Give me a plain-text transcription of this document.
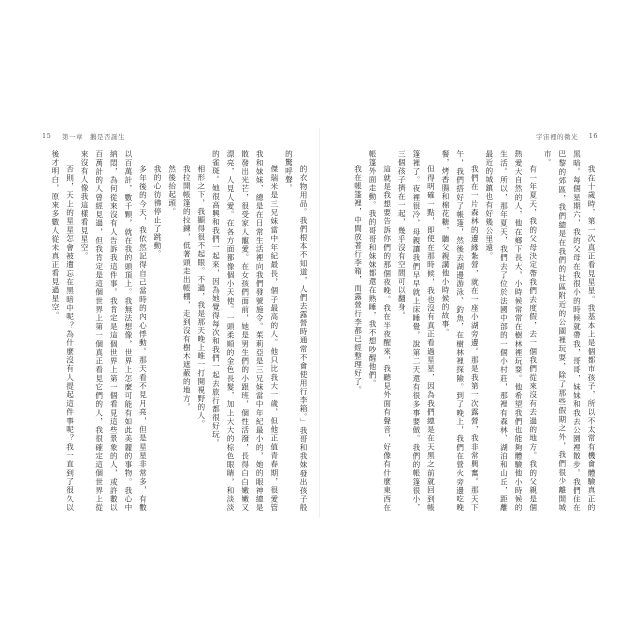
15 第一章　鵝是否誕生

的衣物用品。我們根本不知道，人們去露營時通常不會使用行李箱。」我哥和我妹發出孩子般的驚呼聲。

傑瑞米是三兄妹當中年紀最長，個子最高的人。他只比我大一歲，但他正值青春期，很愛管我和妹妹，總是在日常生活裡向我們發號施令。茱莉亞是三兄妹當中年紀最小的，她的眼神總是散發出光芒，很受家人寵愛。在女孩們面前，她是男生們的小跟班，個性活潑，長得白白嫩嫩又漂亮，人見人愛。在各方面都像個小天使。一頭柔順的金色長髮，加上大大的棕色眼睛，和淡淡的雀斑。她很高興和我們一起來，因為她覺得每次和我們一起去旅行都很好玩。

相形之下，我顯得很不起眼。不過，我是那天晚上唯一打開視野的人。

我拉開帳篷的拉鍊，低著頭走出帳棚，走到沒有樹木遮蔽的地方。

然後抬起頭。

我的心彷彿停止了跳動。

多年後的今天，我依然記得自己當時的內心悸動。那天看不見月亮，但是星星非常多，有數以百萬計，數千顆，就在我的頭頂上。我無法想像，世界上怎麼可能有如此美麗的事物。我心中納悶，為何從來沒有人告訴我這件事。我肯定是這個世界上第一個看見這些景象的人，或許數以百萬計的人曾經見過，但我肯定是這個世界上第一個真正看見它們的人，我很確定這個世界上從來沒有人像我這樣看見星空。

否則，天上的星星怎會被遺忘在黑暗中呢？為什麼沒有人提起這件事呢？我一直到了很久以後才明白，原來多數人從未真正看見過星空。

16
宇宙裡的微光

我在十歲時，第一次真正看見星星。我基本上是個都市孩子，所以不太常有機會體驗真正的黑暗。每個星期六，我的父母在我很小的時候就帶我，哥哥，妹妹和我去公園裡散步。我們住在巴黎的郊區，我們總是在我們的社區附近的公園裡玩耍，除了那些假期之外，我們很少離開城市。

有一年夏天，我的父母決定帶我們去度假，去一個我們從來沒有去過的地方。我的父親是個熱愛大自然的人，他在鄉下長大，小時候常常在樹林裡玩耍。他希望我們也能夠體驗他小時候的生活。所以，那年夏天，我們去了位於法國中部的一個小村莊，那裡有森林、湖泊和山丘，距離最近的城鎮也有好幾公里遠。

我們在一片森林的邊緣紮營，就在一座小湖旁邊。那是我第一次露營，我非常興奮。那天下午，我們搭好了帳篷，然後去湖邊游泳、釣魚，在樹林裡探險。到了晚上，我們在營火旁邊吃晚餐，烤香腸和棉花糖，聽父親講他小時候的故事。

但得明確一點，即使在那時候，我也沒有真正看過星星，因為我們總是在天黑之前就回到帳篷裡了。夜裡很冷，母親讓我們早早就上床睡覺，說第二天還有很多事要做。我們的帳篷很小，三個孩子擠在一起，幾乎沒有空間可以翻身。

這就是我想要告訴你們的那個夜晚。我在半夜醒來，我聽見外面有聲音，好像有什麼東西在帳篷外面走動。我的哥哥和妹妹都還在熟睡，我不想吵醒他們。

我在帳篷裡，中間放著行李箱，而露營行李都已經整理好了。
